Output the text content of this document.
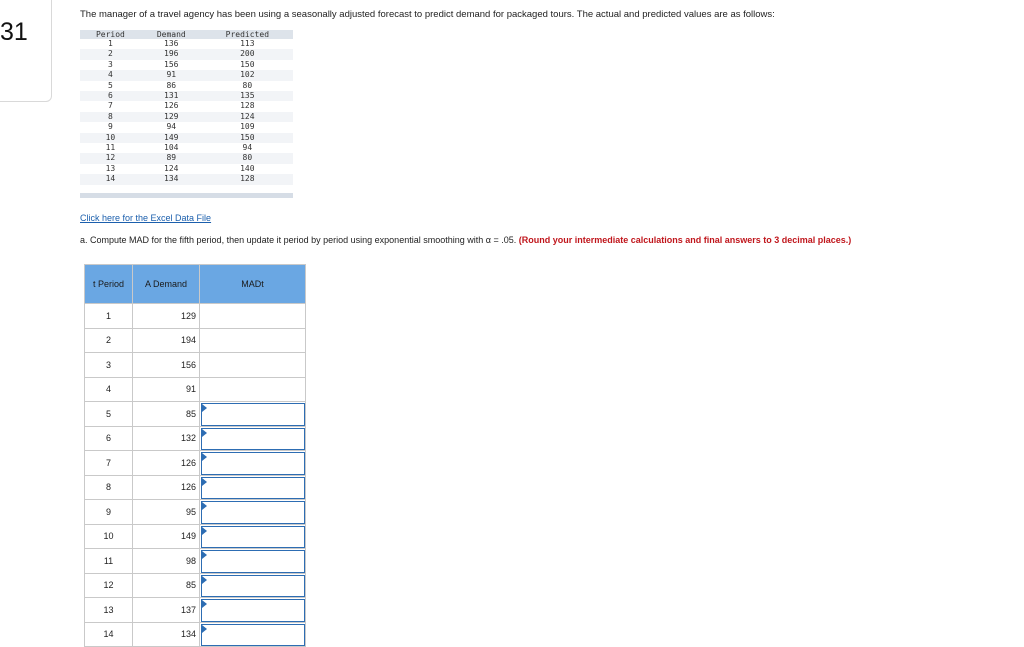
31
The manager of a travel agency has been using a seasonally adjusted forecast to predict demand for packaged tours. The actual and predicted values are as follows:
Period	Demand	Predicted
1	136	113
2	196	200
3	156	150
4	91	102
5	86	80
6	131	135
7	126	128
8	129	124
9	94	109
10	149	150
11	104	94
12	89	80
13	124	140
14	134	128
Click here for the Excel Data File
a. Compute MAD for the fifth period, then update it period by period using exponential smoothing with α = .05. (Round your intermediate calculations and final answers to 3 decimal places.)
t Period	A Demand	MADt
1	129	
2	194	
3	156	
4	91	
5	85	

6	132	

7	126	

8	126	

9	95	

10	149	

11	98	

12	85	

13	137	

14	134	
